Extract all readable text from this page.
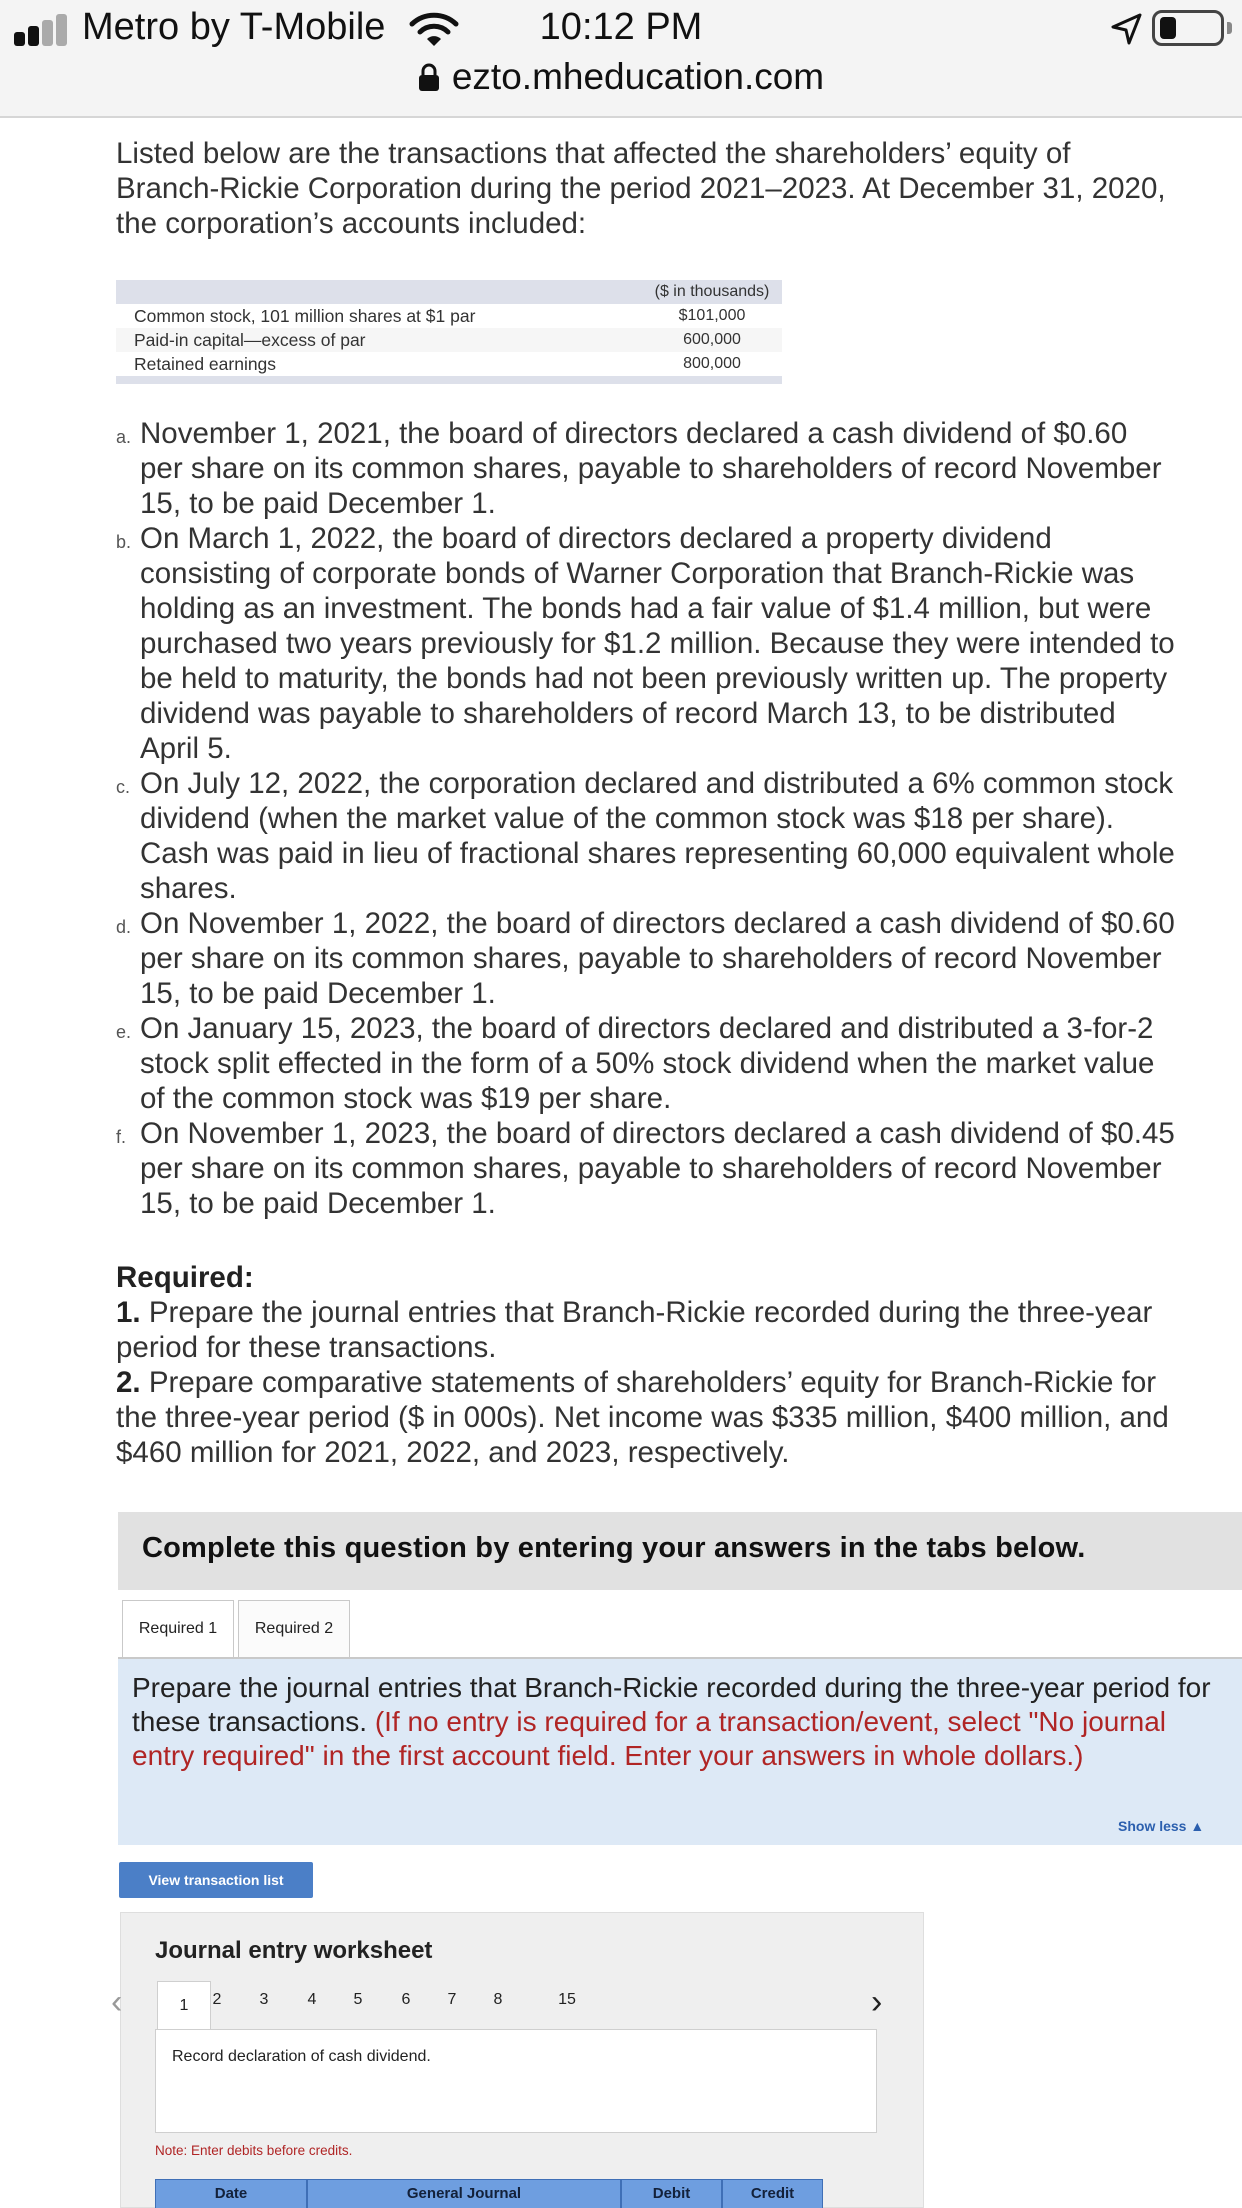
Metro by T-Mobile	10:12 PM
ezto.mheducation.com
Listed below are the transactions that affected the shareholders’ equity of Branch-Rickie Corporation during the period 2021–2023. At December 31, 2020, the corporation’s accounts included:
	($ in thousands)
Common stock, 101 million shares at $1 par	$101,000
Paid-in capital—excess of par	600,000
Retained earnings	800,000

a. November 1, 2021, the board of directors declared a cash dividend of $0.60 per share on its common shares, payable to shareholders of record November 15, to be paid December 1.
b. On March 1, 2022, the board of directors declared a property dividend consisting of corporate bonds of Warner Corporation that Branch-Rickie was holding as an investment. The bonds had a fair value of $1.4 million, but were purchased two years previously for $1.2 million. Because they were intended to be held to maturity, the bonds had not been previously written up. The property dividend was payable to shareholders of record March 13, to be distributed April 5.
c. On July 12, 2022, the corporation declared and distributed a 6% common stock dividend (when the market value of the common stock was $18 per share). Cash was paid in lieu of fractional shares representing 60,000 equivalent whole shares.
d. On November 1, 2022, the board of directors declared a cash dividend of $0.60 per share on its common shares, payable to shareholders of record November 15, to be paid December 1.
e. On January 15, 2023, the board of directors declared and distributed a 3-for-2 stock split effected in the form of a 50% stock dividend when the market value of the common stock was $19 per share.
f. On November 1, 2023, the board of directors declared a cash dividend of $0.45 per share on its common shares, payable to shareholders of record November 15, to be paid December 1.
Required:
1. Prepare the journal entries that Branch-Rickie recorded during the three-year period for these transactions.
2. Prepare comparative statements of shareholders’ equity for Branch-Rickie for the three-year period ($ in 000s). Net income was $335 million, $400 million, and $460 million for 2021, 2022, and 2023, respectively.
Complete this question by entering your answers in the tabs below.
Required 1	Required 2
Prepare the journal entries that Branch-Rickie recorded during the three-year period for these transactions. (If no entry is required for a transaction/event, select "No journal entry required" in the first account field. Enter your answers in whole dollars.)
Show less ▲
View transaction list
Journal entry worksheet
‹	1	2	3	4	5	6	7	8	15	›
Record declaration of cash dividend.
Note: Enter debits before credits.
Date	General Journal	Debit	Credit
